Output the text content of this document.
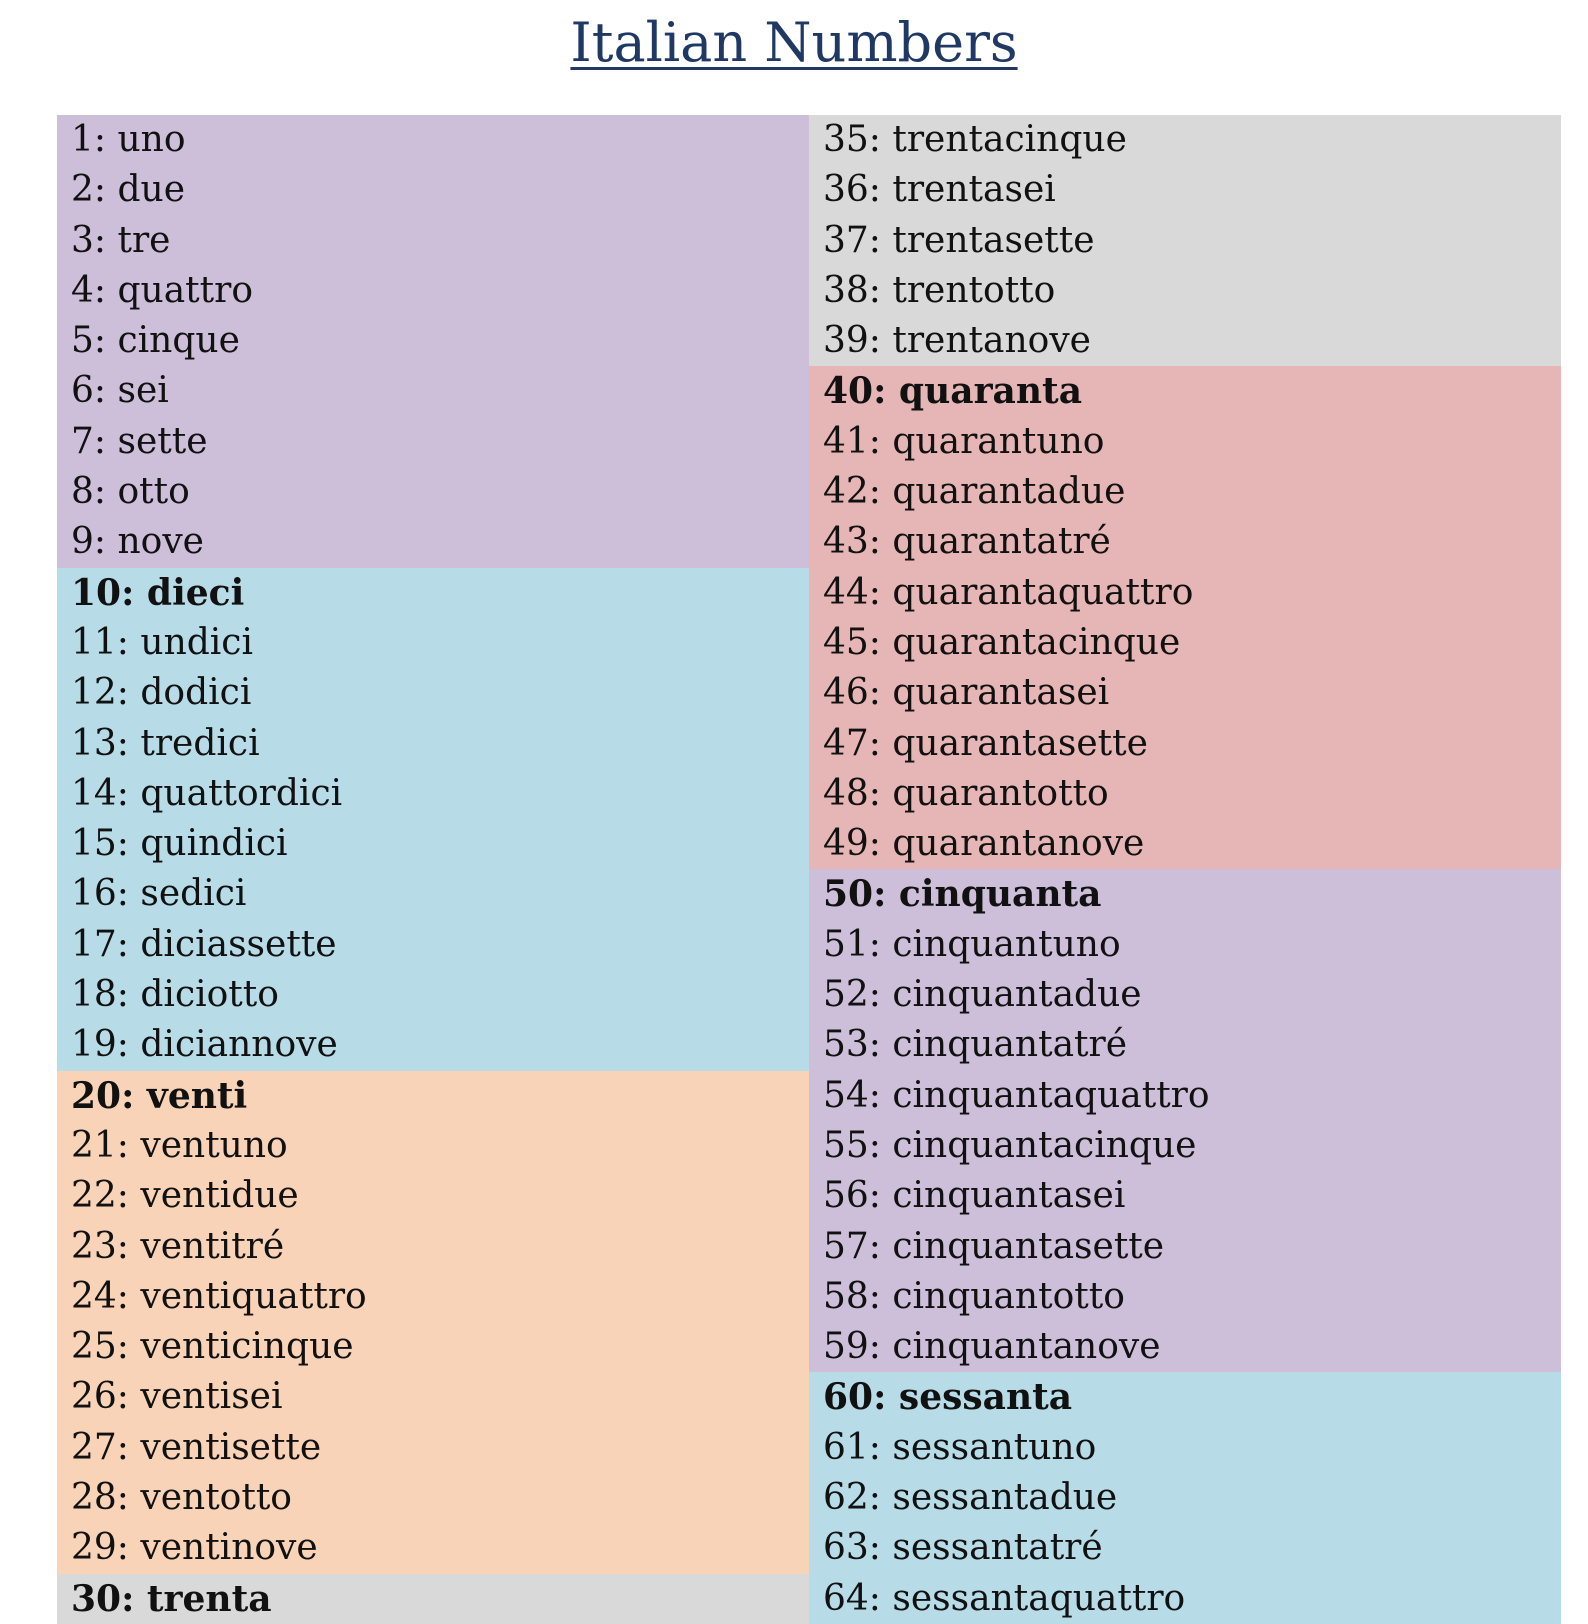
Italian Numbers
1: uno
2: due
3: tre
4: quattro
5: cinque
6: sei
7: sette
8: otto
9: nove
10: dieci
11: undici
12: dodici
13: tredici
14: quattordici
15: quindici
16: sedici
17: diciassette
18: diciotto
19: diciannove
20: venti
21: ventuno
22: ventidue
23: ventitré
24: ventiquattro
25: venticinque
26: ventisei
27: ventisette
28: ventotto
29: ventinove
30: trenta
35: trentacinque
36: trentasei
37: trentasette
38: trentotto
39: trentanove
40: quaranta
41: quarantuno
42: quarantadue
43: quarantatré
44: quarantaquattro
45: quarantacinque
46: quarantasei
47: quarantasette
48: quarantotto
49: quarantanove
50: cinquanta
51: cinquantuno
52: cinquantadue
53: cinquantatré
54: cinquantaquattro
55: cinquantacinque
56: cinquantasei
57: cinquantasette
58: cinquantotto
59: cinquantanove
60: sessanta
61: sessantuno
62: sessantadue
63: sessantatré
64: sessantaquattro
